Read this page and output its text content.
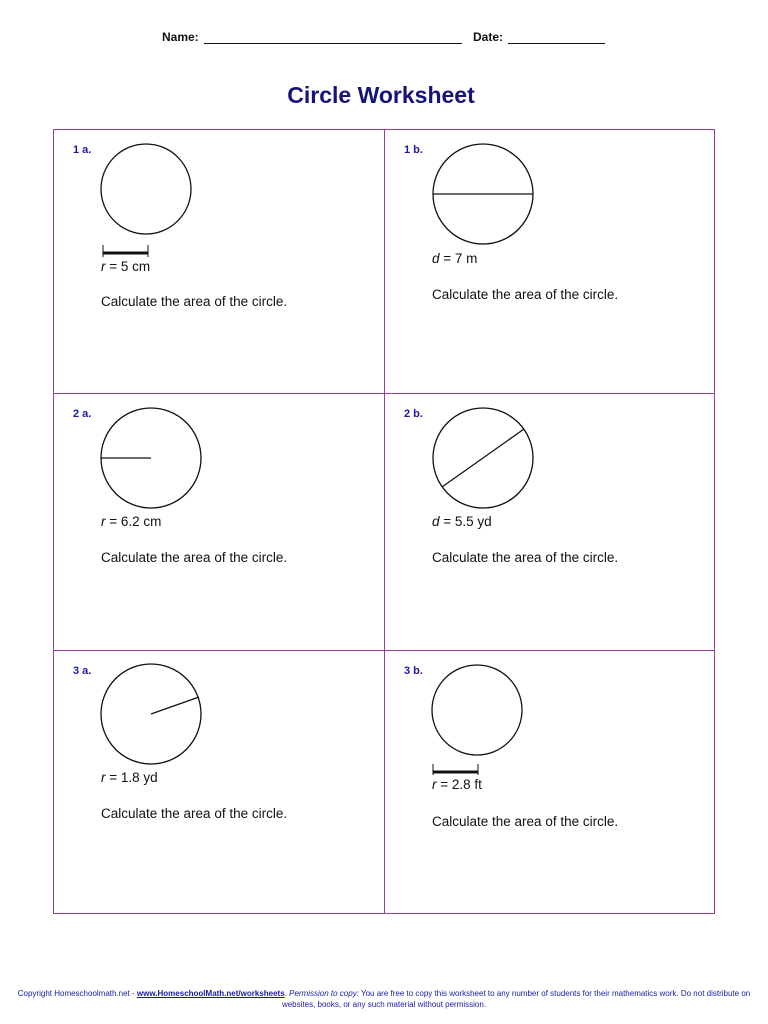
Name:	Date:
Circle Worksheet
1 a.
r = 5 cm
Calculate the area of the circle.
1 b.
d = 7 m
Calculate the area of the circle.
2 a.
r = 6.2 cm
Calculate the area of the circle.
2 b.
d = 5.5 yd
Calculate the area of the circle.
3 a.
r = 1.8 yd
Calculate the area of the circle.
3 b.
r = 2.8 ft
Calculate the area of the circle.
Copyright Homeschoolmath.net - www.HomeschoolMath.net/worksheets. Permission to copy: You are free to copy this worksheet to any number of students for their mathematics work. Do not distribute on websites, books, or any such material without permission.
